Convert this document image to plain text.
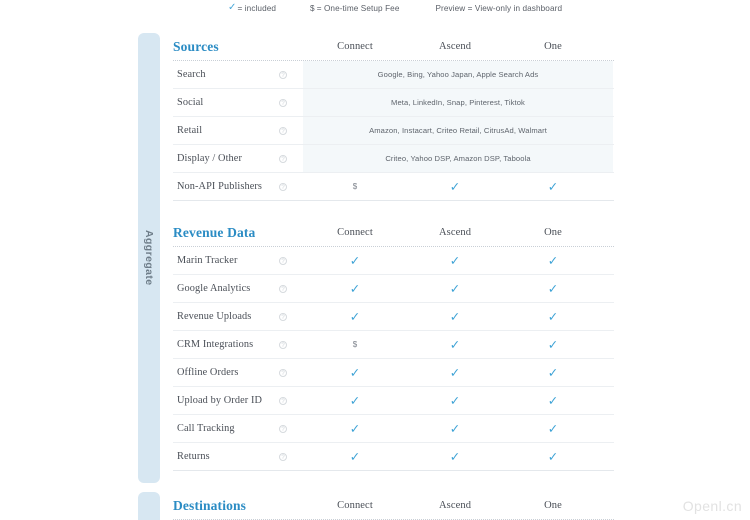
✓ = included	$ = One-time Setup Fee	Preview = View-only in dashboard
Aggregate
Sources	Connect	Ascend	One
Search	?	Google, Bing, Yahoo Japan, Apple Search Ads
Social	?	Meta, LinkedIn, Snap, Pinterest, Tiktok
Retail	?	Amazon, Instacart, Criteo Retail, CitrusAd, Walmart
Display / Other	?	Criteo, Yahoo DSP, Amazon DSP, Taboola
Non-API Publishers	?	$	✓	✓
Revenue Data	Connect	Ascend	One
Marin Tracker	?	✓	✓	✓
Google Analytics	?	✓	✓	✓
Revenue Uploads	?	✓	✓	✓
CRM Integrations	?	$	✓	✓
Offline Orders	?	✓	✓	✓
Upload by Order ID	?	✓	✓	✓
Call Tracking	?	✓	✓	✓
Returns	?	✓	✓	✓
Destinations	Connect	Ascend	One	Openl.cn
